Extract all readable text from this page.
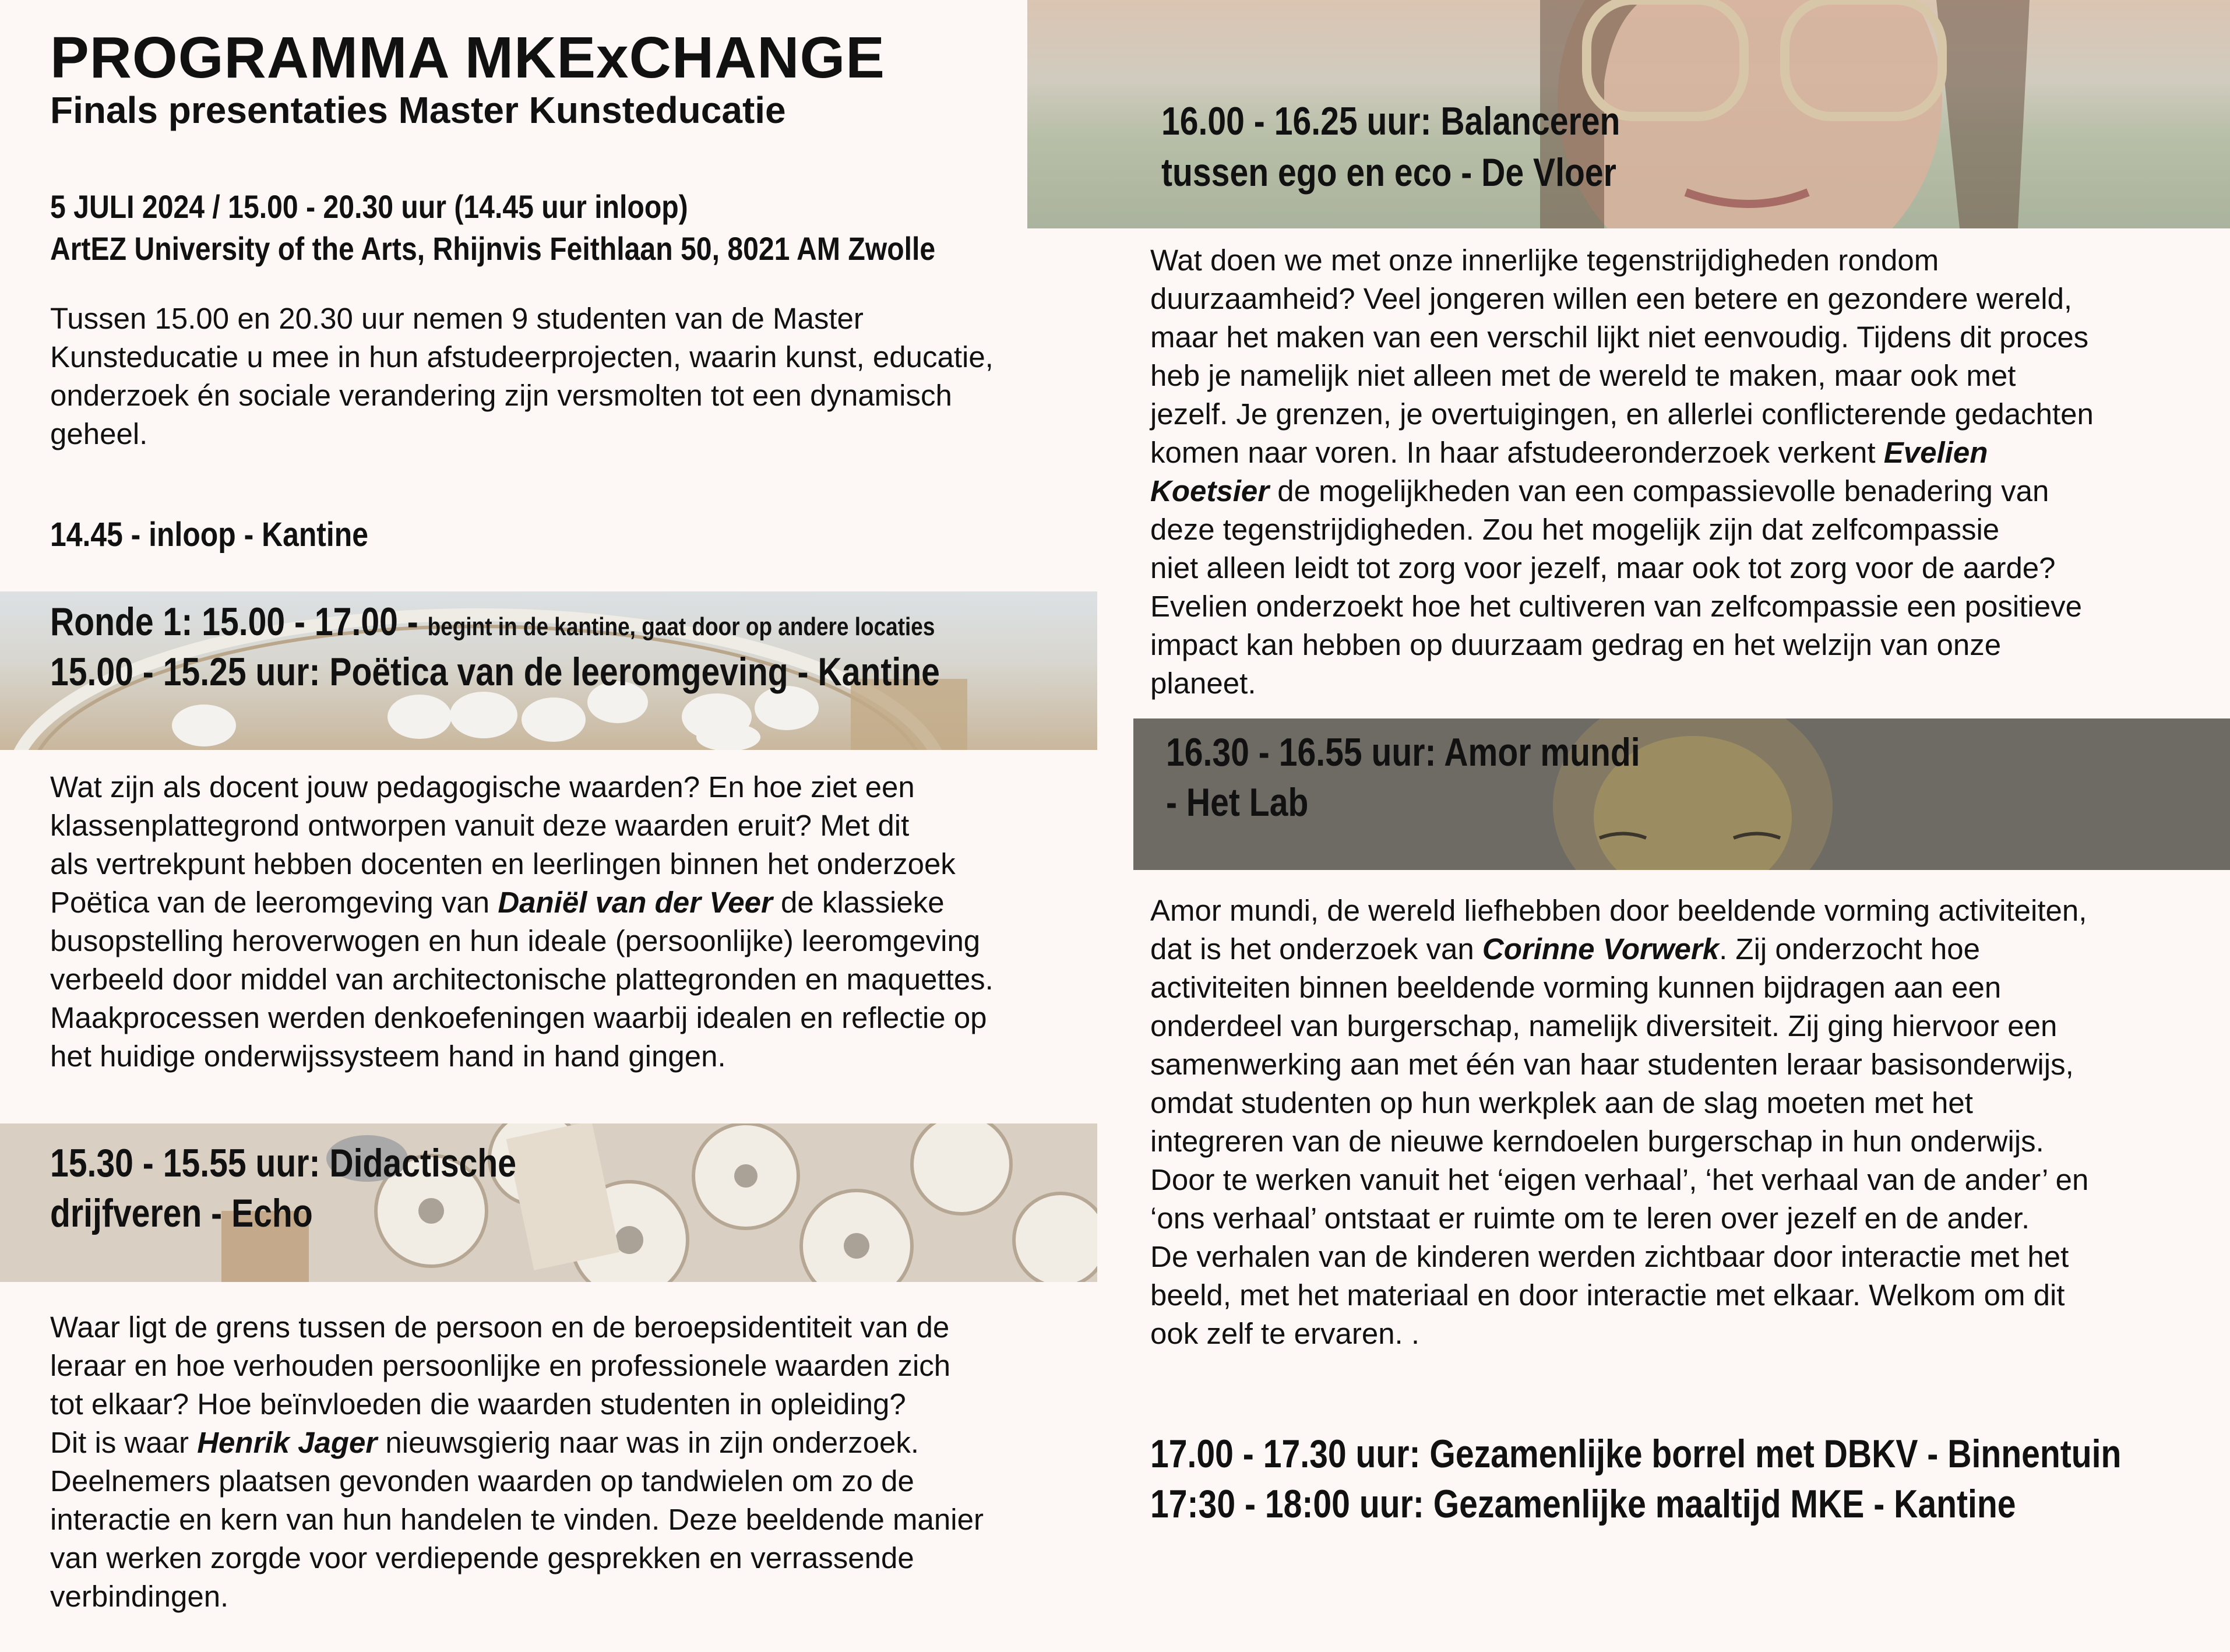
PROGRAMMA MKExCHANGE
Finals presentaties Master Kunsteducatie
5 JULI 2024 / 15.00 - 20.30 uur (14.45 uur inloop)
ArtEZ University of the Arts, Rhijnvis Feithlaan 50, 8021 AM Zwolle

Tussen 15.00 en 20.30 uur nemen 9 studenten van de Master

Kunsteducatie u mee in hun afstudeerprojecten, waarin kunst, educatie,

onderzoek én sociale verandering zijn versmolten tot een dynamisch

geheel.

14.45 - inloop - Kantine
Ronde 1: 15.00 - 17.00 - begint in de kantine, gaat door op andere locaties
15.00 - 15.25 uur: Poëtica van de leeromgeving - Kantine

Wat zijn als docent jouw pedagogische waarden? En hoe ziet een

klassenplattegrond ontworpen vanuit deze waarden eruit? Met dit

als vertrekpunt hebben docenten en leerlingen binnen het onderzoek

Poëtica van de leeromgeving van Daniël van der Veer de klassieke

busopstelling heroverwogen en hun ideale (persoonlijke) leeromgeving

verbeeld door middel van architectonische plattegronden en maquettes.

Maakprocessen werden denkoefeningen waarbij idealen en reflectie op

het huidige onderwijssysteem hand in hand gingen.

15.30 - 15.55 uur: Didactische
drijfveren - Echo

Waar ligt de grens tussen de persoon en de beroepsidentiteit van de

leraar en hoe verhouden persoonlijke en professionele waarden zich

tot elkaar? Hoe beïnvloeden die waarden studenten in opleiding?

Dit is waar Henrik Jager nieuwsgierig naar was in zijn onderzoek.

Deelnemers plaatsen gevonden waarden op tandwielen om zo de

interactie en kern van hun handelen te vinden. Deze beeldende manier

van werken zorgde voor verdiepende gesprekken en verrassende

verbindingen.

16.00 - 16.25 uur: Balanceren
tussen ego en eco - De Vloer

Wat doen we met onze innerlijke tegenstrijdigheden rondom

duurzaamheid? Veel jongeren willen een betere en gezondere wereld,

maar het maken van een verschil lijkt niet eenvoudig. Tijdens dit proces

heb je namelijk niet alleen met de wereld te maken, maar ook met

jezelf. Je grenzen, je overtuigingen, en allerlei conflicterende gedachten

komen naar voren. In haar afstudeeronderzoek verkent Evelien

Koetsier de mogelijkheden van een compassievolle benadering van

deze tegenstrijdigheden. Zou het mogelijk zijn dat zelfcompassie

niet alleen leidt tot zorg voor jezelf, maar ook tot zorg voor de aarde?

Evelien onderzoekt hoe het cultiveren van zelfcompassie een positieve

impact kan hebben op duurzaam gedrag en het welzijn van onze

planeet.

16.30 - 16.55 uur: Amor mundi
- Het Lab

Amor mundi, de wereld liefhebben door beeldende vorming activiteiten,

dat is het onderzoek van Corinne Vorwerk. Zij onderzocht hoe

activiteiten binnen beeldende vorming kunnen bijdragen aan een

onderdeel van burgerschap, namelijk diversiteit. Zij ging hiervoor een

samenwerking aan met één van haar studenten leraar basisonderwijs,

omdat studenten op hun werkplek aan de slag moeten met het

integreren van de nieuwe kerndoelen burgerschap in hun onderwijs.

Door te werken vanuit het ‘eigen verhaal’, ‘het verhaal van de ander’ en

‘ons verhaal’ ontstaat er ruimte om te leren over jezelf en de ander.

De verhalen van de kinderen werden zichtbaar door interactie met het

beeld, met het materiaal en door interactie met elkaar. Welkom om dit

ook zelf te ervaren. .

17.00 - 17.30 uur: Gezamenlijke borrel met DBKV - Binnentuin
17:30 - 18:00 uur: Gezamenlijke maaltijd MKE - Kantine
